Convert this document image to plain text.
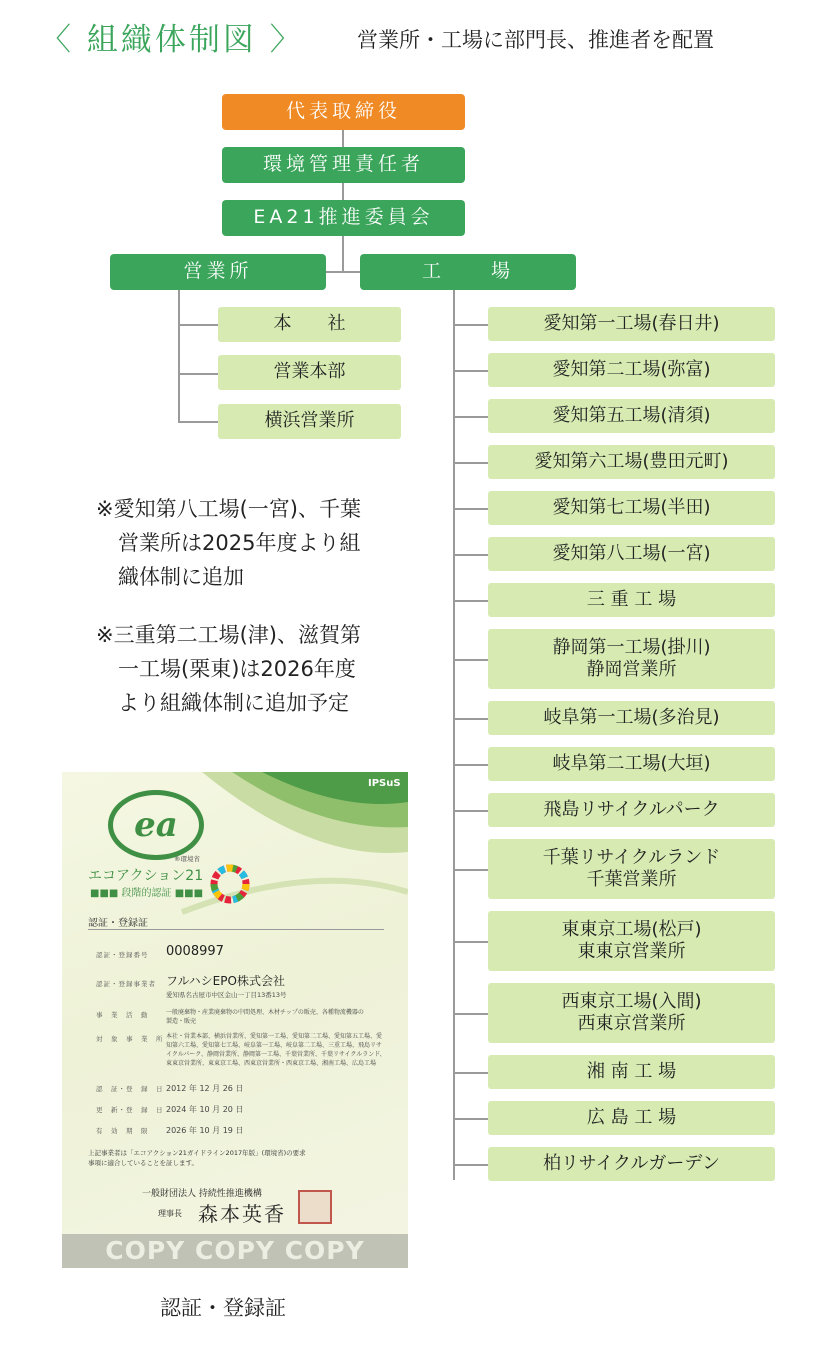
〈 組織体制図 〉	営業所・工場に部門長、推進者を配置
代表取締役
環境管理責任者
EA21推進委員会
営業所	工　　場
本　　社
営業本部
横浜営業所
愛知第一工場(春日井)
愛知第二工場(弥富)
愛知第五工場(清須)
愛知第六工場(豊田元町)
愛知第七工場(半田)
愛知第八工場(一宮)
三 重 工 場
静岡第一工場(掛川)
静岡営業所
岐阜第一工場(多治見)
岐阜第二工場(大垣)
飛島リサイクルパーク
千葉リサイクルランド
千葉営業所
東東京工場(松戸)
東東京営業所
西東京工場(入間)
西東京営業所
湘 南 工 場
広 島 工 場
柏リサイクルガーデン
※愛知第八工場(一宮)、千葉
営業所は2025年度より組
織体制に追加
※三重第二工場(津)、滋賀第
一工場(栗東)は2026年度
より組織体制に追加予定
IPSuS
ea
®環境省
エコアクション21
■■■ 段階的認証 ■■■
認証・登録証
認証・登録番号 0008997
認証・登録事業者 フルハシEPO株式会社
愛知県名古屋市中区金山一丁目13番13号
事　業　活　動	一般廃棄物・産業廃棄物の中間処理、木材チップの販売、各種物流機器の製造・販売
対　象　事　業　所 本社・営業本部、横浜営業所、愛知第一工場、愛知第二工場、愛知第五工場、愛知第六工場、愛知第七工場、岐阜第一工場、岐阜第二工場、三重工場、飛島リサイクルパーク、静岡営業所、静岡第一工場、千葉営業所、千葉リサイクルランド、東東京営業所、東東京工場、西東京営業所・西東京工場、湘南工場、広島工場
認　証・登　録　日 2012 年 12 月 26 日
更　新・登　録　日 2024 年 10 月 20 日
有　効　期　限 2026 年 10 月 19 日
上記事業者は「エコアクション21ガイドライン2017年版」(環境省)の要求事項に適合していることを証します。
一般財団法人 持続性推進機構
理事長 森本英香
COPY COPY COPY
認証・登録証
